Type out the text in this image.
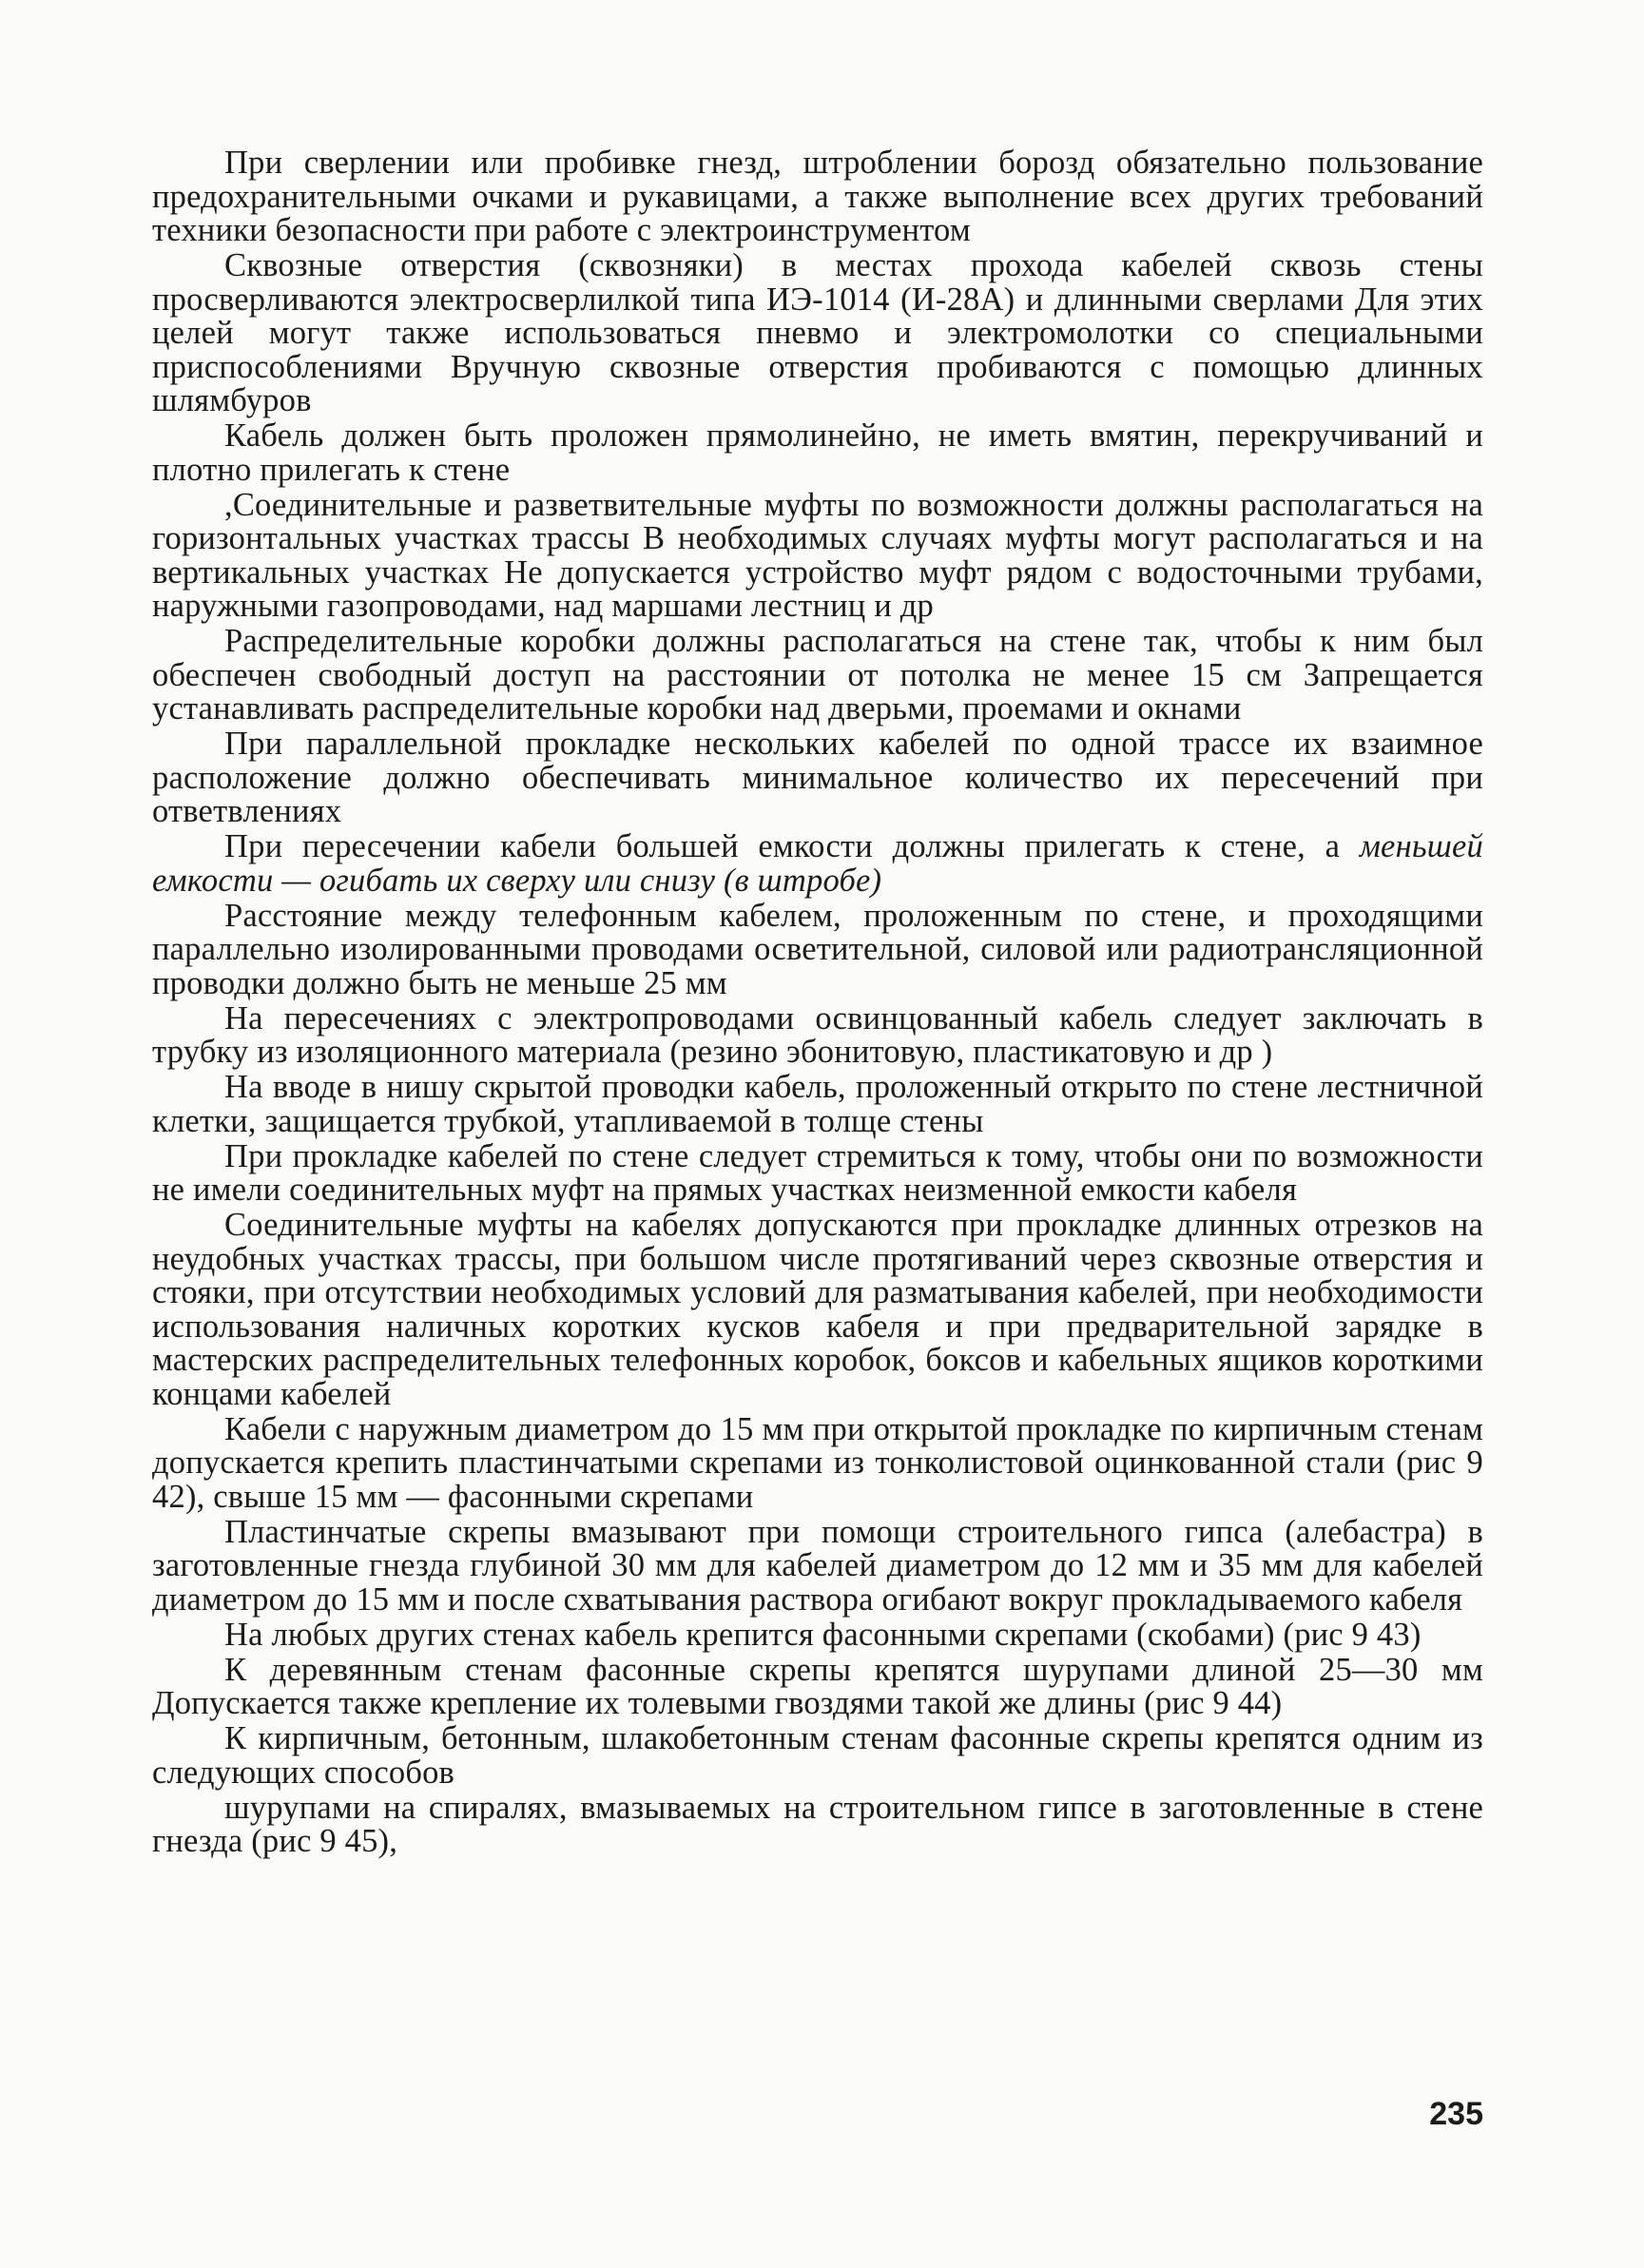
При сверлении или пробивке гнезд, штроблении борозд обязательно пользование предохранительными очками и рукавицами, а также выполнение всех других требований техники безопасности при работе с электроинструментом

Сквозные отверстия (сквозняки) в местах прохода кабелей сквозь стены просверливаются электросверлилкой типа ИЭ-1014 (И-28А) и длинными сверлами Для этих целей могут также использоваться пневмо и электромолотки со специальными приспособлениями Вручную сквозные отверстия пробиваются с помощью длинных шлямбуров

Кабель должен быть проложен прямолинейно, не иметь вмятин, перекручиваний и плотно прилегать к стене

,Соединительные и разветвительные муфты по возможности должны располагаться на горизонтальных участках трассы В необходимых случаях муфты могут располагаться и на вертикальных участках Не допускается устройство муфт рядом с водосточными трубами, наружными газопроводами, над маршами лестниц и др

Распределительные коробки должны располагаться на стене так, чтобы к ним был обеспечен свободный доступ на расстоянии от потолка не менее 15 см Запрещается устанавливать распределительные коробки над дверьми, проемами и окнами

При параллельной прокладке нескольких кабелей по одной трассе их взаимное расположение должно обеспечивать минимальное количество их пересечений при ответвлениях

При пересечении кабели большей емкости должны прилегать к стене, а меньшей емкости — огибать их сверху или снизу (в штробе)

Расстояние между телефонным кабелем, проложенным по стене, и проходящими параллельно изолированными проводами осветительной, силовой или радиотрансляционной проводки должно быть не меньше 25 мм

На пересечениях с электропроводами освинцованный кабель следует заключать в трубку из изоляционного материала (резино эбонитовую, пластикатовую и др )

На вводе в нишу скрытой проводки кабель, проложенный открыто по стене лестничной клетки, защищается трубкой, утапливаемой в толще стены

При прокладке кабелей по стене следует стремиться к тому, чтобы они по возможности не имели соединительных муфт на прямых участках неизменной емкости кабеля

Соединительные муфты на кабелях допускаются при прокладке длинных отрезков на неудобных участках трассы, при большом числе протягиваний через сквозные отверстия и стояки, при отсутствии необходимых условий для разматывания кабелей, при необходимости использования наличных коротких кусков кабеля и при предварительной зарядке в мастерских распределительных телефонных коробок, боксов и кабельных ящиков короткими концами кабелей

Кабели с наружным диаметром до 15 мм при открытой прокладке по кирпичным стенам допускается крепить пластинчатыми скрепами из тонколистовой оцинкованной стали (рис 9 42), свыше 15 мм — фасонными скрепами

Пластинчатые скрепы вмазывают при помощи строительного гипса (алебастра) в заготовленные гнезда глубиной 30 мм для кабелей диаметром до 12 мм и 35 мм для кабелей диаметром до 15 мм и после схватывания раствора огибают вокруг прокладываемого кабеля

На любых других стенах кабель крепится фасонными скрепами (скобами) (рис 9 43)

К деревянным стенам фасонные скрепы крепятся шурупами длиной 25—30 мм Допускается также крепление их толевыми гвоздями такой же длины (рис 9 44)

К кирпичным, бетонным, шлакобетонным стенам фасонные скрепы крепятся одним из следующих способов

шурупами на спиралях, вмазываемых на строительном гипсе в заготовленные в стене гнезда (рис 9 45),

235
